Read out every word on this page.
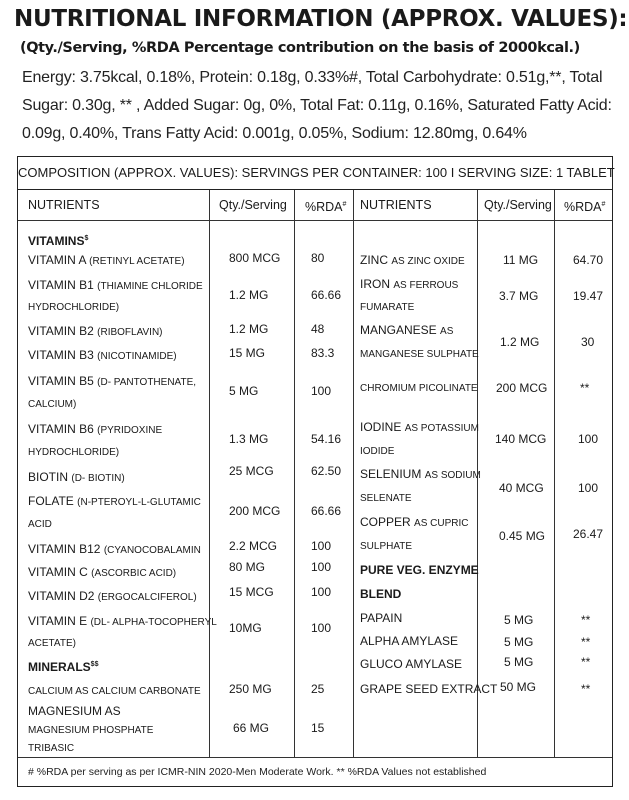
NUTRITIONAL INFORMATION (APPROX. VALUES):
(Qty./Serving, %RDA Percentage contribution on the basis of 2000kcal.)
Energy: 3.75kcal, 0.18%, Protein: 0.18g, 0.33%#, Total Carbohydrate: 0.51g,**, Total Sugar: 0.30g, ** , Added Sugar: 0g, 0%, Total Fat: 0.11g, 0.16%, Saturated Fatty Acid: 0.09g, 0.40%, Trans Fatty Acid: 0.001g, 0.05%, Sodium: 12.80mg, 0.64%
COMPOSITION (APPROX. VALUES): SERVINGS PER CONTAINER: 100 I SERVING SIZE: 1 TABLET
NUTRIENTS	Qty./Serving %RDA# NUTRIENTS	Qty./Serving %RDA#
VITAMINS$
VITAMIN A (RETINYL ACETATE)	800 MCG	80
VITAMIN B1 (THIAMINE CHLORIDE
HYDROCHLORIDE)
1.2 MG	66.66
VITAMIN B2 (RIBOFLAVIN)	1.2 MG	48
VITAMIN B3 (NICOTINAMIDE)	15 MG	83.3
VITAMIN B5 (D- PANTOTHENATE,
CALCIUM)
5 MG	100
VITAMIN B6 (PYRIDOXINE
HYDROCHLORIDE)
1.3 MG	54.16
BIOTIN (D- BIOTIN)
25 MCG	62.50
FOLATE (N-PTEROYL-L-GLUTAMIC
ACID
200 MCG	66.66
VITAMIN B12 (CYANOCOBALAMIN 2.2 MCG	100
VITAMIN C (ASCORBIC ACID)	80 MG	100
VITAMIN D2 (ERGOCALCIFEROL)	15 MCG	100
VITAMIN E (DL- ALPHA-TOCOPHERYL
ACETATE)
10MG	100
MINERALS$$
CALCIUM AS CALCIUM CARBONATE 250 MG	25
MAGNESIUM AS
MAGNESIUM PHOSPHATE
TRIBASIC
66 MG	15
ZINC AS ZINC OXIDE	11 MG	64.70
IRON AS FERROUS
FUMARATE
3.7 MG	19.47
MANGANESE AS
MANGANESE SULPHATE
1.2 MG	30
CHROMIUM PICOLINATE 200 MCG	**
IODINE AS POTASSIUM
IODIDE
140 MCG	100
SELENIUM AS SODIUM
SELENATE
40 MCG	100
COPPER AS CUPRIC
SULPHATE
0.45 MG 26.47
PURE VEG. ENZYME
BLEND
PAPAIN	5 MG	**
ALPHA AMYLASE	5 MG	**
GLUCO AMYLASE	5 MG	**
GRAPE SEED EXTRACT 50 MG	**
# %RDA per serving as per ICMR-NIN 2020-Men Moderate Work. ** %RDA Values not established
